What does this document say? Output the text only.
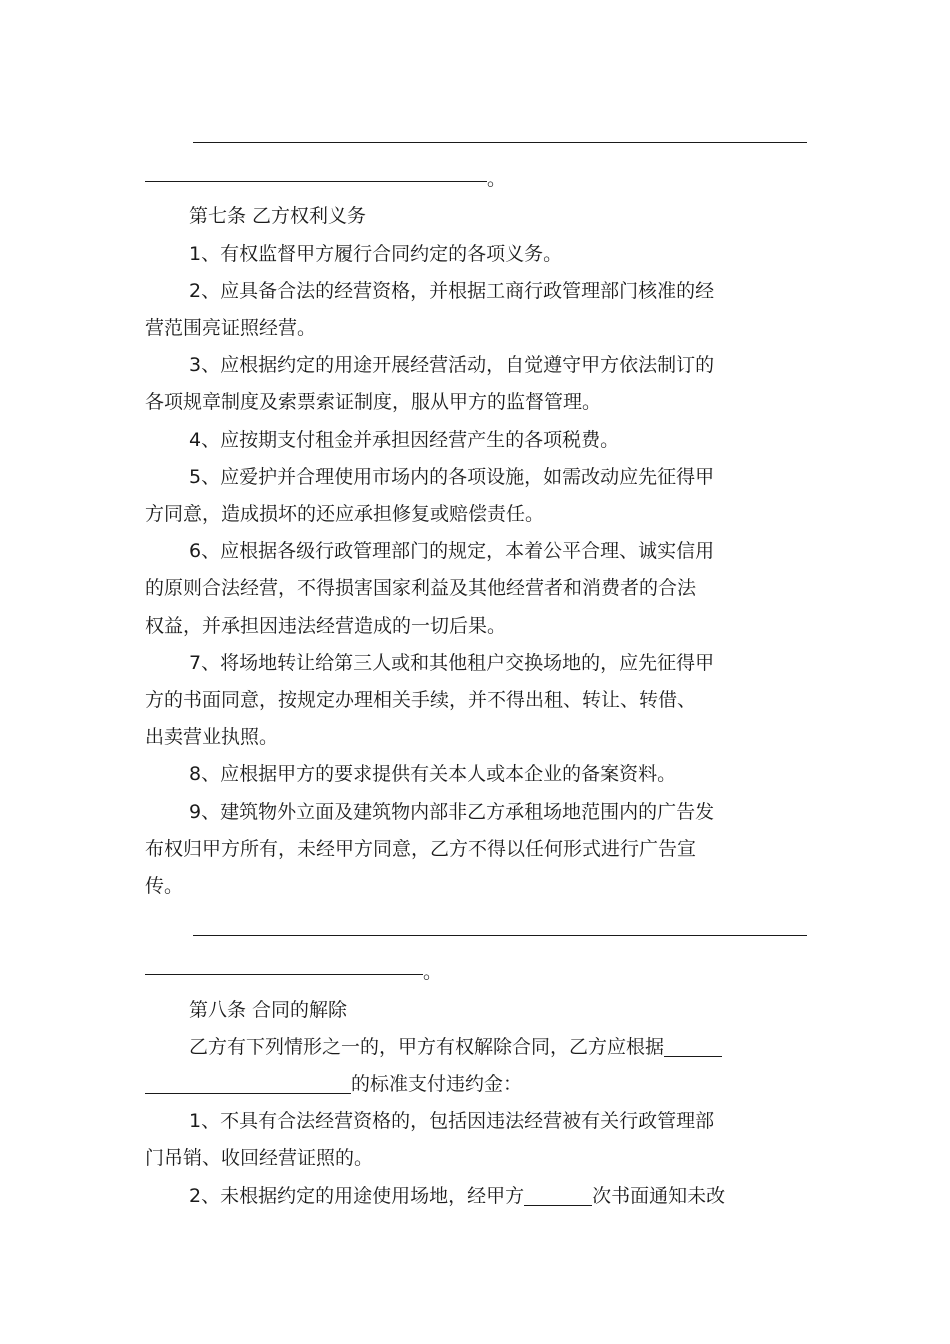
。
第七条 乙方权利义务
1、有权监督甲方履行合同约定的各项义务。
2、应具备合法的经营资格，并根据工商行政管理部门核准的经
营范围亮证照经营。
3、应根据约定的用途开展经营活动，自觉遵守甲方依法制订的
各项规章制度及索票索证制度，服从甲方的监督管理。
4、应按期支付租金并承担因经营产生的各项税费。
5、应爱护并合理使用市场内的各项设施，如需改动应先征得甲
方同意，造成损坏的还应承担修复或赔偿责任。
6、应根据各级行政管理部门的规定，本着公平合理、诚实信用
的原则合法经营，不得损害国家利益及其他经营者和消费者的合法
权益，并承担因违法经营造成的一切后果。
7、将场地转让给第三人或和其他租户交换场地的，应先征得甲
方的书面同意，按规定办理相关手续，并不得出租、转让、转借、
出卖营业执照。
8、应根据甲方的要求提供有关本人或本企业的备案资料。
9、建筑物外立面及建筑物内部非乙方承租场地范围内的广告发
布权归甲方所有，未经甲方同意，乙方不得以任何形式进行广告宣
传。
。
第八条 合同的解除
乙方有下列情形之一的，甲方有权解除合同，乙方应根据
的标准支付违约金：
1、不具有合法经营资格的，包括因违法经营被有关行政管理部
门吊销、收回经营证照的。
2、未根据约定的用途使用场地，经甲方	次书面通知未改
